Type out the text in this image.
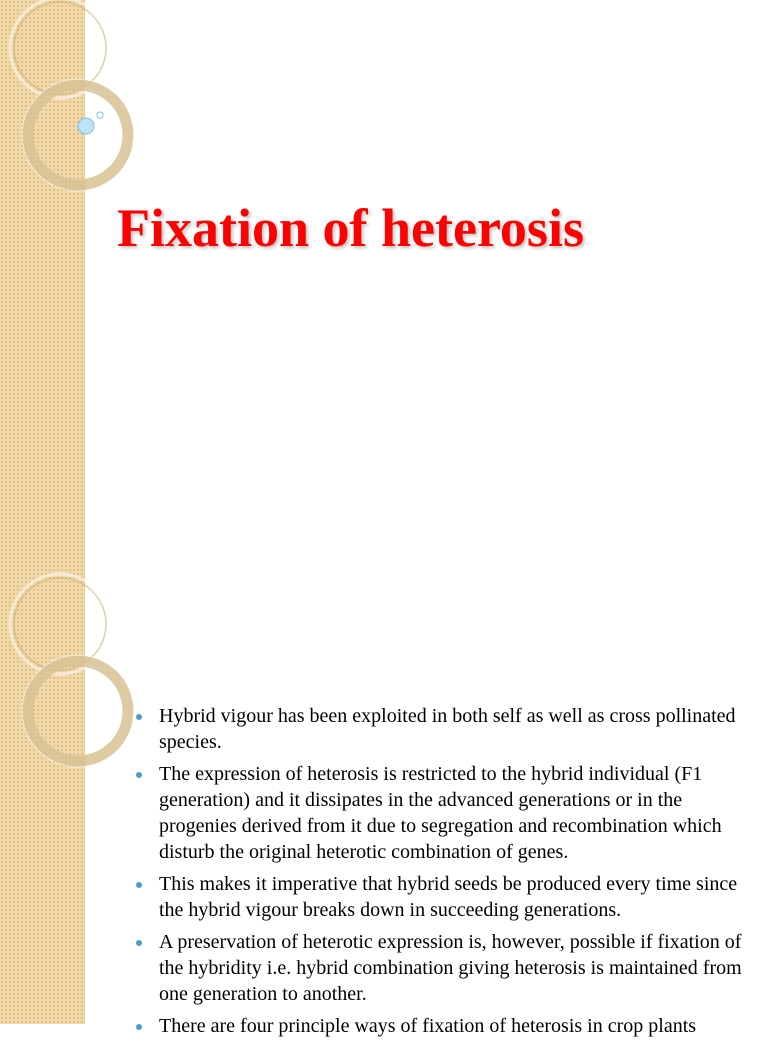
Fixation of heterosis
Hybrid vigour has been exploited in both self as well as cross pollinated species.
The expression of heterosis is restricted to the hybrid individual (F1 generation) and it dissipates in the advanced generations or in the progenies derived from it due to segregation and recombination which disturb the original heterotic combination of genes.
This makes it imperative that hybrid seeds be produced every time since the hybrid vigour breaks down in succeeding generations.
A preservation of heterotic expression is, however, possible if fixation of the hybridity i.e. hybrid combination giving heterosis is maintained from one generation to another.
There are four principle ways of fixation of heterosis in crop plants
